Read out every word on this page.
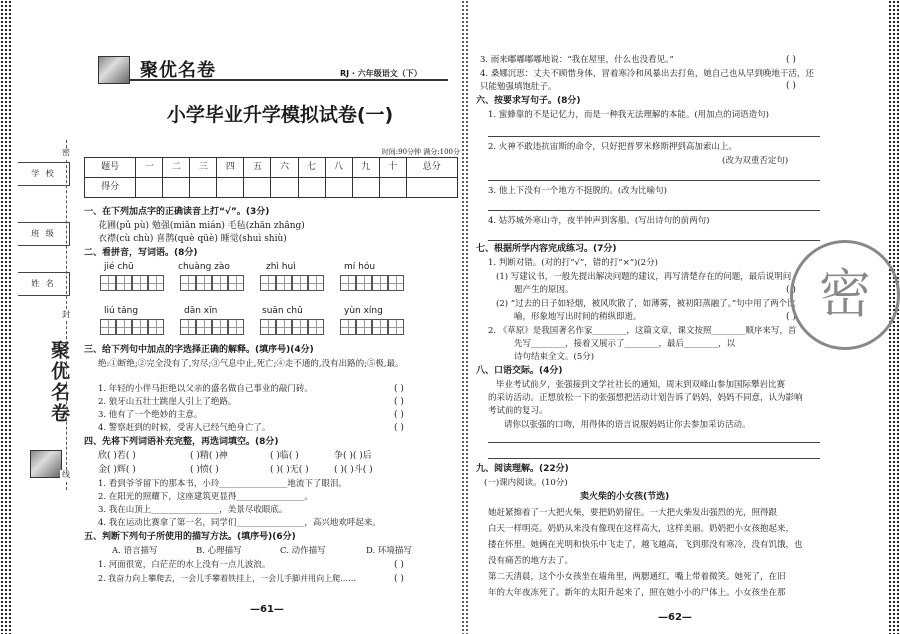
学 校
班 级
姓 名
聚优名卷
密
封
线
聚优名卷	RJ · 六年级语文（下）
小学毕业升学模拟试卷(一)
时间:90分钟 满分:100分
题号	一	二	三	四	五	六	七	八	九	十	总分
得分											
一、在下列加点字的正确读音上打“√”。(3分)
花圃(pǔ pù) 勉强(miǎn mián) 毛毡(zhān zhǎng)
衣襟(cù chù) 喜鹊(què qüè) 睡觉(shuì shiù)
二、看拼音，写词语。(8分)
jié chū	chuàng zào	zhì huì	mí hóu
liú tǎng	dān xīn	suān chǔ	yùn xíng
三、给下列句中加点的字选择正确的解释。(填序号)(4分)
绝:①断绝;②完全没有了,穷尽;③气息中止,死亡;④走不通的,没有出路的;⑤极,最。
1. 年轻的小伴马拒绝以父亲的盛名做自己事业的敲门砖。	( )
2. 狼牙山五壮士跳崖人引上了绝路。	( )
3. 他有了一个绝妙的主意。	( )
4. 警察赶到的时候，受害人已经气绝身亡了。	( )
四、先将下列词语补充完整，再选词填空。(8分)
欣( )若( )	( )精( )神	( )临( )	争( )( )后
金( )辉( )	( )愤( )	( )( )无( )	( )( )斗( )
1. 看到爷爷留下的那本书，小玲________________地流下了眼泪。
2. 在阳光的照耀下，这座建筑更显得________________。
3. 我在山顶上________________，美景尽收眼底。
4. 我在运动比赛拿了第一名，同学们________________，高兴地欢呼起来。
五、判断下列句子所使用的描写方法。(填序号)(6分)
A. 语言描写	B. 心理描写	C. 动作描写	D. 环境描写
1. 河面很宽，白茫茫的水上没有一点儿波浪。	( )
2. 我奋力向上攀爬去，一会儿手攀着铁挂上，一会儿手脚并用向上爬……	( )
—61—
3. 雨来嘟嘟嘟嘟地说：“我在屋里，什么也没看见。”	( )
4. 桑娜沉思：丈夫不顾惜身体，冒着寒冷和风暴出去打鱼，她自己也从早到晚地干活，还只能勉强填饱肚子。	( )
六、按要求写句子。(8分)
1. 蜜蜂靠的不是记忆力，而是一种我无法理解的本能。(用加点的词语造句)
2. 火神不敢违抗宙斯的命令，只好把普罗米修斯押到高加索山上。
(改为双重否定句)
3. 他上下没有一个地方不挺脱的。(改为比喻句)
4. 姑苏城外寒山寺，夜半钟声到客船。(写出诗句的前两句)
七、根据所学内容完成练习。(7分)
1. 判断对错。(对的打“√”，错的打“×”)(2分)
(1) 写建议书，一般先提出解决问题的建议，再写清楚存在的问题，最后说明问
题产生的原因。	( )
(2) “过去的日子如轻烟，被风吹散了，如薄雾，被初阳蒸融了。”句中用了两个比
喻，形象地写出时间的稍纵即逝。	( )
2. 《草原》是我国著名作家________，这篇文章，课文按照________顺序来写，首
先写________，接着又展示了________，最后________，以
诗句结束全文。(5分)
八、口语交际。(4分)
毕业考试前夕，张强接到文学社社长的通知，周末到双峰山参加国际攀岩比赛
的采访活动。正想放松一下的张强想把活动计划告诉了妈妈，妈妈不同意，认为影响
考试前的复习。
请你以张强的口吻，用得体的语言说服妈妈让你去参加采访活动。
九、阅读理解。(22分)
(一)课内阅读。(10分)
卖火柴的小女孩(节选)
她赶紧擦着了一大把火柴，要把奶奶留住。一大把火柴发出强烈的光，照得跟
白天一样明亮。奶奶从来没有像现在这样高大，这样美丽。奶奶把小女孩抱起来，
搂在怀里。她俩在光明和快乐中飞走了，越飞越高，飞到那没有寒冷，没有饥饿，也
没有痛苦的地方去了。
第二天清晨，这个小女孩坐在墙角里，两腮通红，嘴上带着微笑。她死了，在旧
年的大年夜冻死了。新年的太阳升起来了，照在她小小的尸体上。小女孩坐在那
—62—
密
